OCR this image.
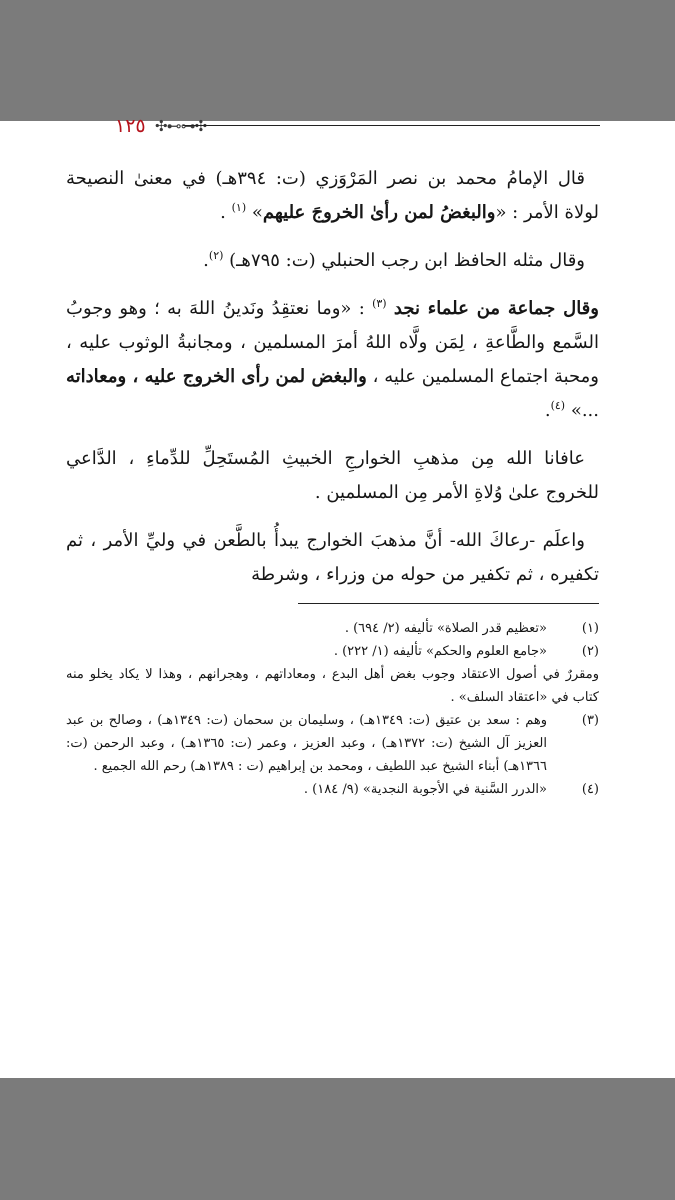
١٢٥ ✣⊷⊶✣

قال الإمامُ محمد بن نصر المَرْوَزي (ت: ٣٩٤هـ) في معنىٰ النصيحة لولاة الأمر : «والبغضُ لمن رأىٰ الخروجَ عليهم» $^{(١)}$ .

وقال مثله الحافظ ابن رجب الحنبلي (ت: ٧٩٥هـ) $^{(٢)}$.

وقال جماعة من علماء نجد $^{(٣)}$ : «وما نعتقِدُ ونَدينُ اللهَ به ؛ وهو وجوبُ السَّمع والطَّاعةِ ، لِمَن ولَّاه اللهُ أمرَ المسلمين ، ومجانبةُ الوثوب عليه ، ومحبة اجتماع المسلمين عليه ، والبغض لمن رأى الخروج عليه ، ومعاداته ...» $^{(٤)}$.

عافانا الله مِن مذهبِ الخوارجِ الخبيثِ المُستَحِلِّ للدِّماءِ ، الدَّاعي للخروج علىٰ وُلاةِ الأمر مِن المسلمين .

واعلَم -رعاكَ الله- أنَّ مذهبَ الخوارج يبدأُ بالطَّعن في وليِّ الأمر ، ثم تكفيره ، ثم تكفير من حوله من وزراء ، وشرطة

(١)
«تعظيم قدر الصلاة» تأليفه (٢/ ٦٩٤) .
(٢)
«جامع العلوم والحكم» تأليفه (١/ ٢٢٢) .
ومقررٌ في أصول الاعتقاد وجوب بغض أهل البدع ، ومعاداتهم ، وهجرانهم ، وهذا لا يكاد يخلو منه كتاب في «اعتقاد السلف» .
(٣)
وهم : سعد بن عتيق (ت: ١٣٤٩هـ) ، وسليمان بن سحمان (ت: ١٣٤٩هـ) ، وصالح بن عبد العزيز آل الشيخ (ت: ١٣٧٢هـ) ، وعبد العزيز ، وعمر (ت: ١٣٦٥هـ) ، وعبد الرحمن (ت: ١٣٦٦هـ) أبناء الشيخ عبد اللطيف ، ومحمد بن إبراهيم (ت : ١٣٨٩هـ) رحم الله الجميع .
(٤)
«الدرر السَّنية في الأجوبة النجدية» (٩/ ١٨٤) .
